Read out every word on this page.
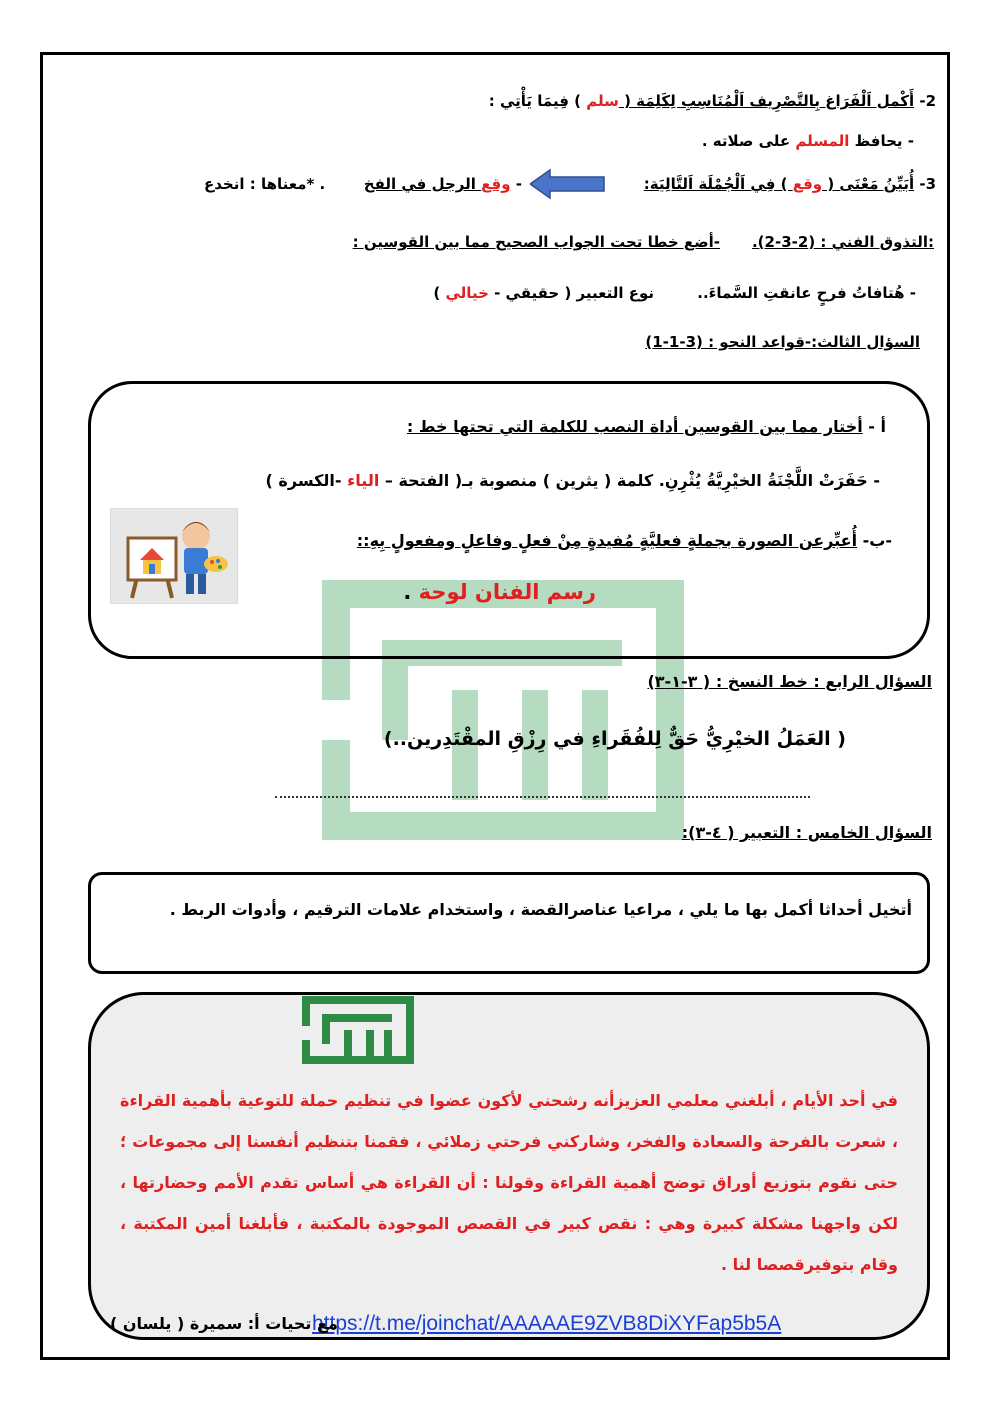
2- أَكْمل اَلْفَرَاغ بِالتَّصْرِيف اَلْمُنَاسِبِ لِكَلِمَة ( سلم ) فِيمَا يَأْتِي :
- يحافظ المسلم على صلاته .
3- أُبَيِّنُ مَعْنَى ( وقع ) فِي اَلْجُمْلَة اَلتَّالِيَة:
- وقع الرجل في الفخ
. *معناها : انخدع
:التذوق الفني : (2-3-2).
-أضع خطا تحت الجواب الصحيح مما بين القوسين :
- هُتافاتُ فرحٍ عانقتِ السَّماءَ..
نوع التعبير ( حقيقي - خيالي )
السؤال الثالث:-قواعد النحو : (3-1-1)
أ - أختار مما بين القوسين أداة النصب للكلمة التي تحتها خط :
- حَفَرَتْ اللَّجْنَةُ الخيْرِيَّةُ يُثْرِنِ. كلمة ( يثرين ) منصوبة بـ( الفتحة – الياء -الكسرة )
-ب- أُعبِّرعن الصورة بجملةٍ فعليَّةٍ مُفيدةٍ مِنْ فعلٍ وفاعلٍ ومفعولٍ بِهِ::
رسم الفنان لوحة .
السؤال الرابع : خط النسخ : ( ٣-١-٣)
( العَمَلُ الخيْرِيُّ حَقٌّ لِلفُقَراءِ في رِزْقِ المقْتَدِرين..)
السؤال الخامس : التعبير ( ٤-٣):
أتخيل أحداثا أكمل بها ما يلي ، مراعيا عناصرالقصة ، واستخدام علامات الترقيم ، وأدوات الربط .
في أحد الأيام ، أبلغني معلمي العزيزأنه رشحني لأكون عضوا في تنظيم حملة للتوعية بأهمية القراءة ، شعرت بالفرحة والسعادة والفخر، وشاركني فرحتي زملائي ، فقمنا بتنظيم أنفسنا إلى مجموعات ؛ حتى نقوم بتوزيع أوراق توضح أهمية القراءة وقولنا : أن القراءة هي أساس تقدم الأمم وحضارتها ، لكن واجهنا مشكلة كبيرة وهي : نقص كبير في القصص الموجودة بالمكتبة ، فأبلغنا أمين المكتبة ، وقام بتوفيرقصصا لنا .
https://t.me/joinchat/AAAAAE9ZVB8DiXYFap5b5A
مع تحيات أ: سميرة ( يلسان )
